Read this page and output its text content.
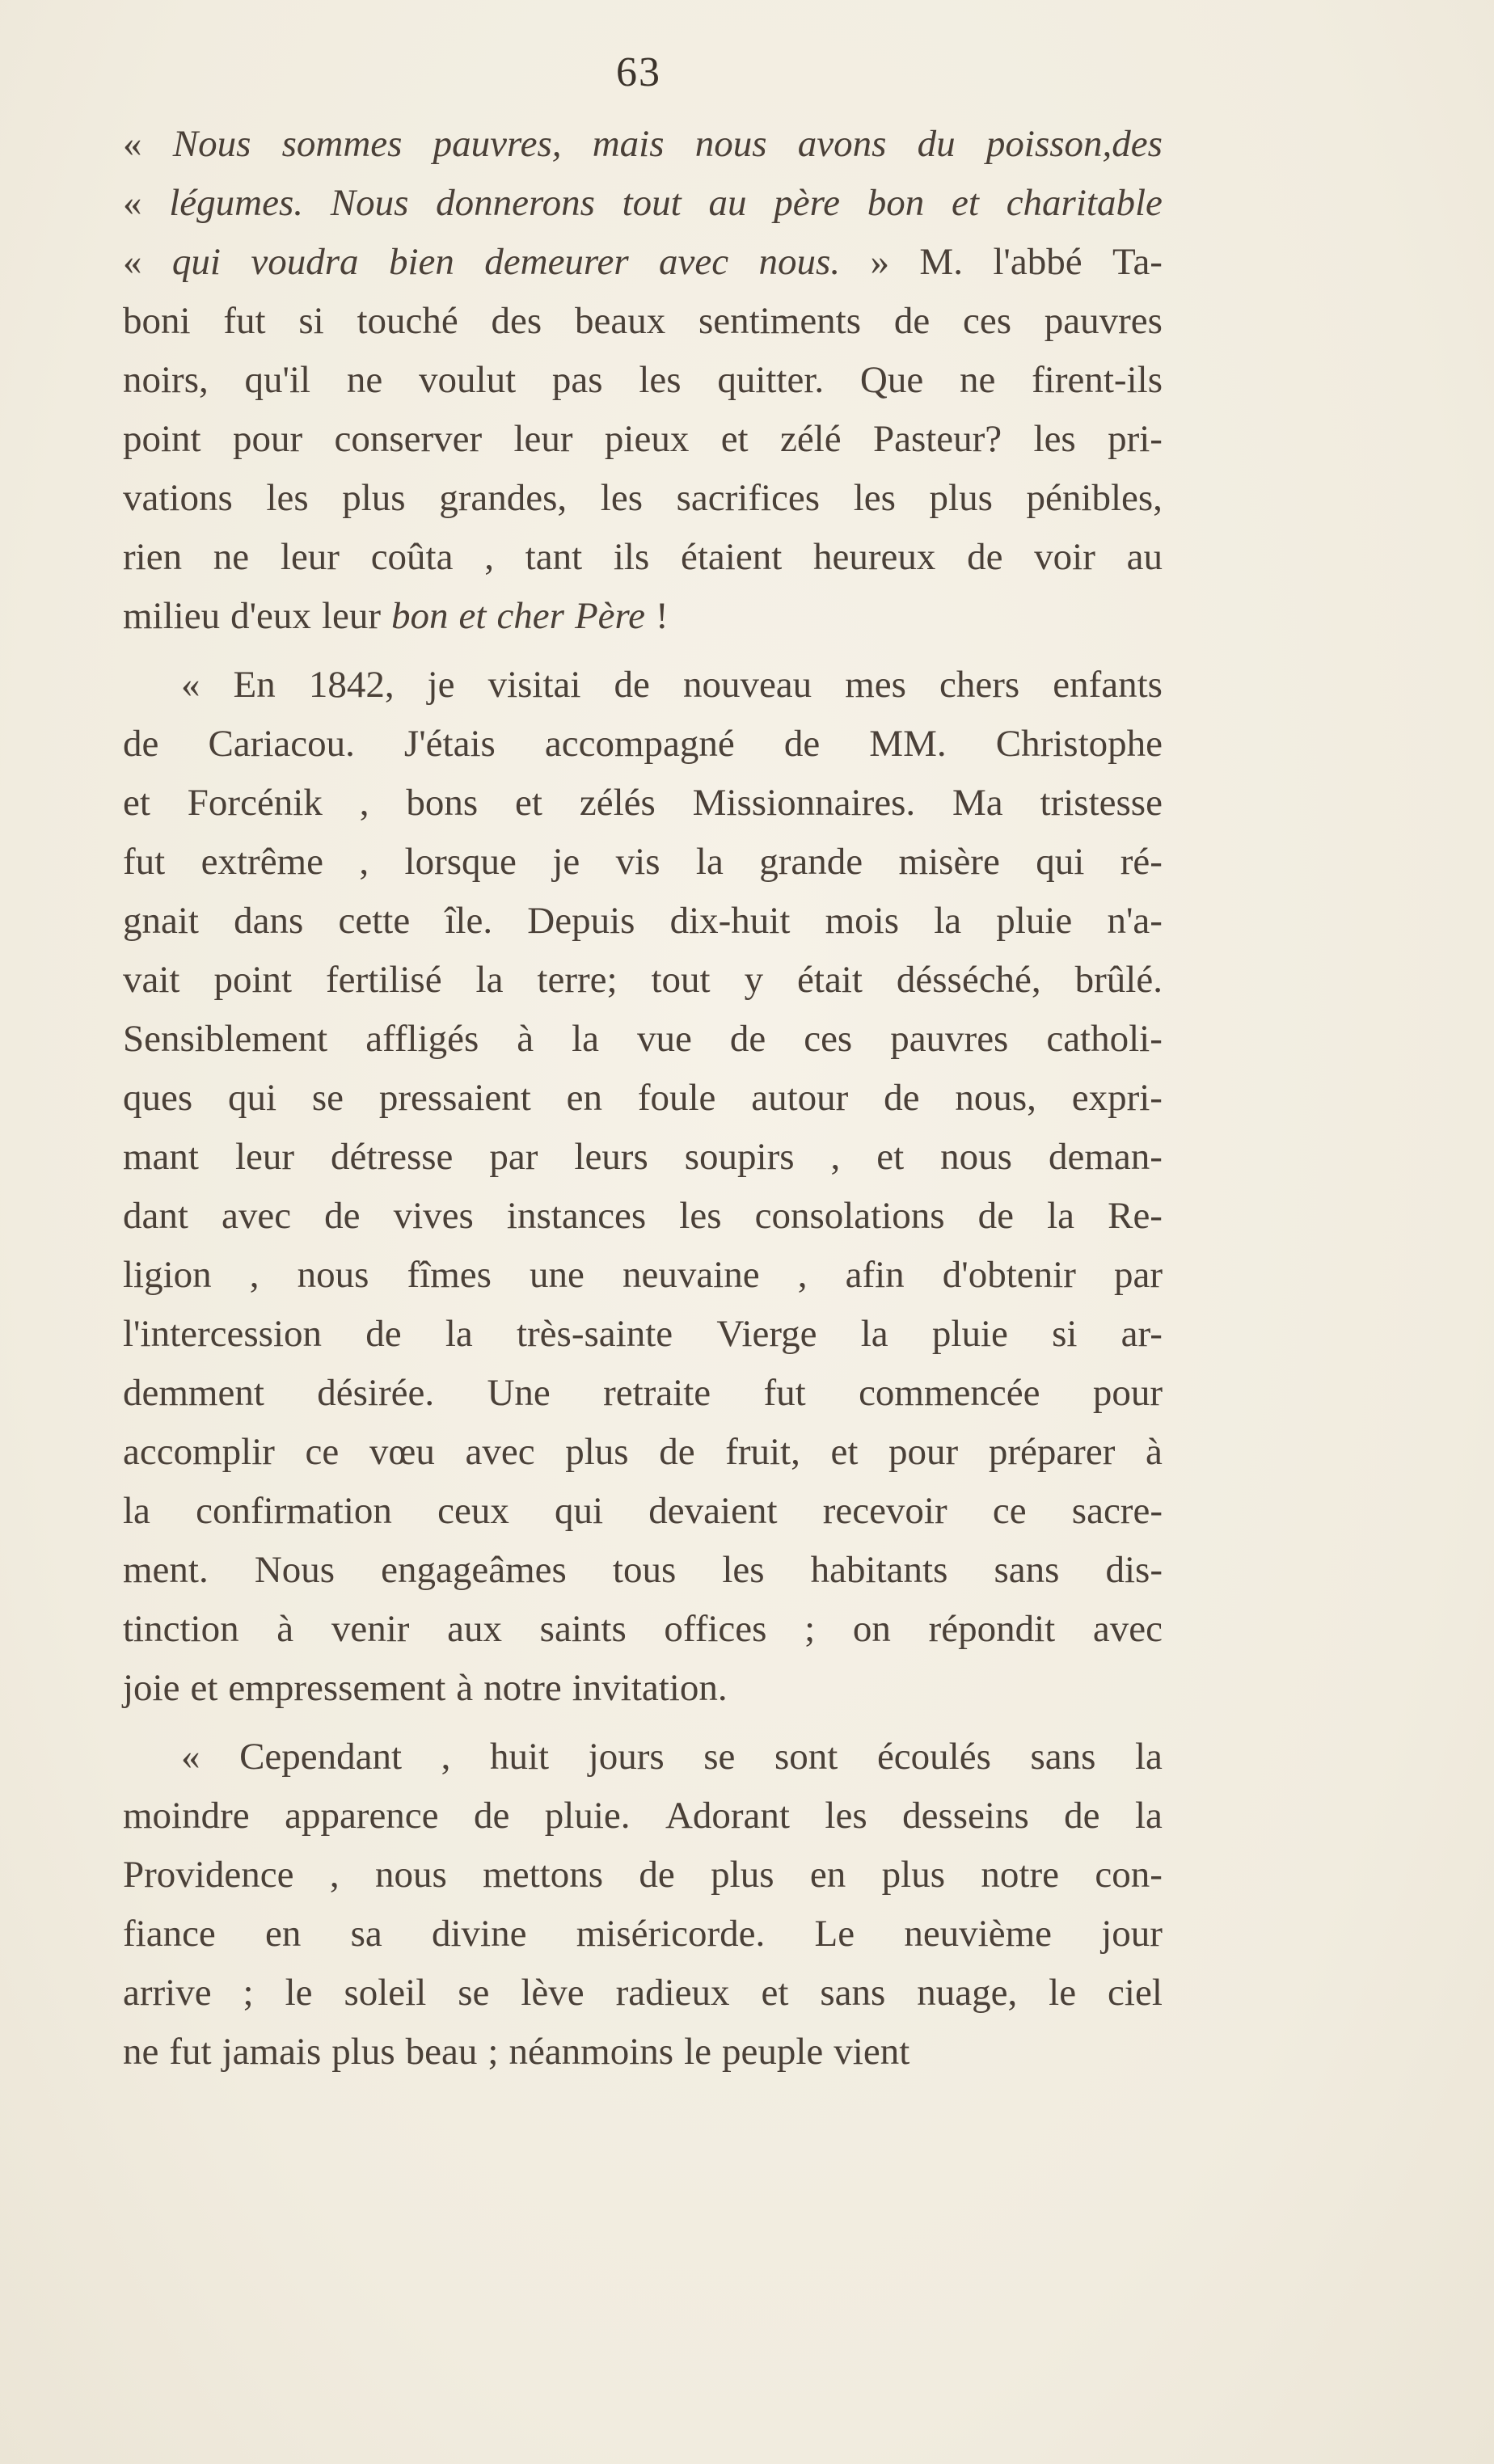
63
« Nous sommes pauvres, mais nous avons du poisson,des
« légumes. Nous donnerons tout au père bon et charitable
« qui voudra bien demeurer avec nous. » M. l'abbé Ta-
boni fut si touché des beaux sentiments de ces pauvres
noirs, qu'il ne voulut pas les quitter. Que ne firent-ils
point pour conserver leur pieux et zélé Pasteur? les pri-
vations les plus grandes, les sacrifices les plus pénibles,
rien ne leur coûta , tant ils étaient heureux de voir au
milieu d'eux leur bon et cher Père !
« En 1842, je visitai de nouveau mes chers enfants
de Cariacou. J'étais accompagné de MM. Christophe
et Forcénik , bons et zélés Missionnaires. Ma tristesse
fut extrême , lorsque je vis la grande misère qui ré-
gnait dans cette île. Depuis dix-huit mois la pluie n'a-
vait point fertilisé la terre; tout y était désséché, brûlé.
Sensiblement affligés à la vue de ces pauvres catholi-
ques qui se pressaient en foule autour de nous, expri-
mant leur détresse par leurs soupirs , et nous deman-
dant avec de vives instances les consolations de la Re-
ligion , nous fîmes une neuvaine , afin d'obtenir par
l'intercession de la très-sainte Vierge la pluie si ar-
demment désirée. Une retraite fut commencée pour
accomplir ce vœu avec plus de fruit, et pour préparer à
la confirmation ceux qui devaient recevoir ce sacre-
ment. Nous engageâmes tous les habitants sans dis-
tinction à venir aux saints offices ; on répondit avec
joie et empressement à notre invitation.
« Cependant , huit jours se sont écoulés sans la
moindre apparence de pluie. Adorant les desseins de la
Providence , nous mettons de plus en plus notre con-
fiance en sa divine miséricorde. Le neuvième jour
arrive ; le soleil se lève radieux et sans nuage, le ciel
ne fut jamais plus beau ; néanmoins le peuple vient
